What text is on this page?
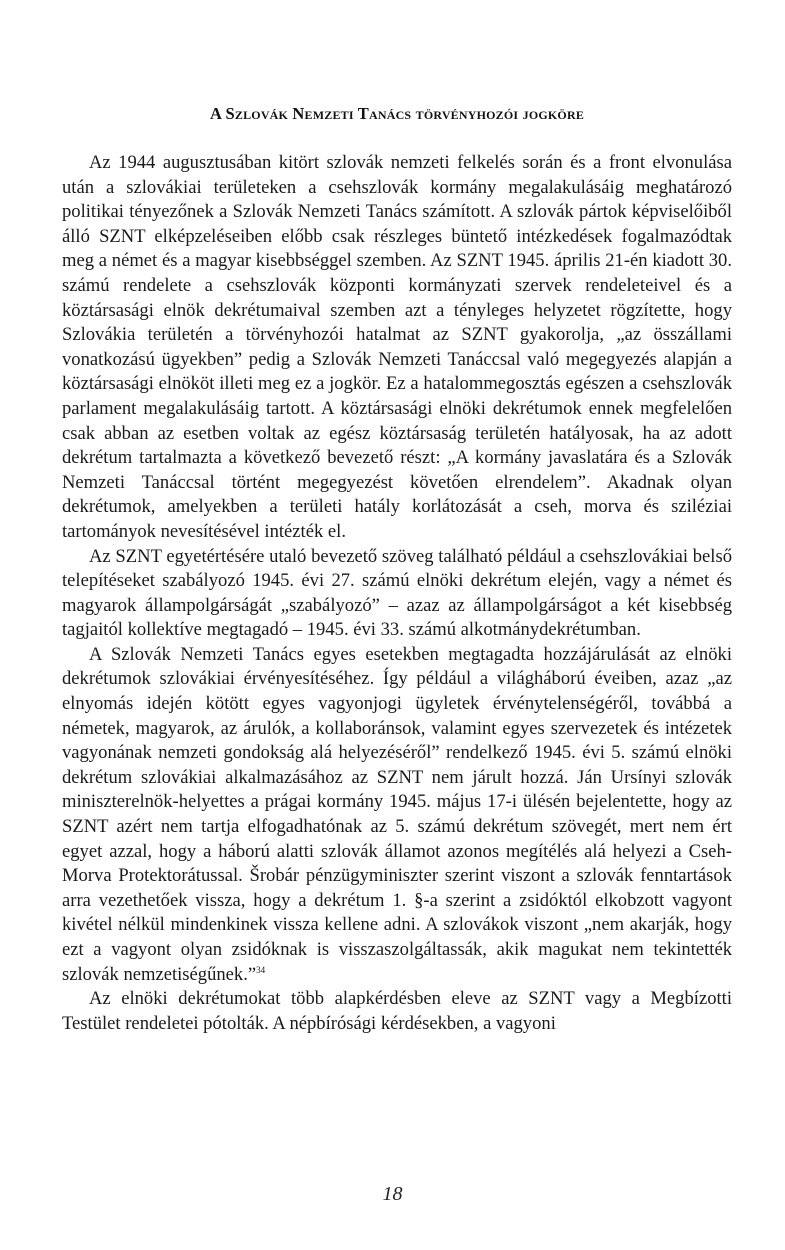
A Szlovák Nemzeti Tanács törvényhozói jogköre

Az 1944 augusztusában kitört szlovák nemzeti felkelés során és a front elvonulása után a szlovákiai területeken a csehszlovák kormány megalakulásáig meghatározó politikai tényezőnek a Szlovák Nemzeti Tanács számított. A szlovák pártok képviselőiből álló SZNT elképzeléseiben előbb csak részleges büntető intézkedések fogalmazódtak meg a német és a magyar kisebbséggel szemben. Az SZNT 1945. április 21-én kiadott 30. számú rendelete a csehszlovák központi kormányzati szervek rendeleteivel és a köztársasági elnök dekrétumaival szemben azt a tényleges helyzetet rögzítette, hogy Szlovákia területén a törvényhozói hatalmat az SZNT gyakorolja, „az összállami vonatkozású ügyekben” pedig a Szlovák Nemzeti Tanáccsal való megegyezés alapján a köztársasági elnököt illeti meg ez a jogkör. Ez a hatalommegosztás egészen a csehszlovák parlament megalakulásáig tartott. A köztársasági elnöki dekrétumok ennek megfelelően csak abban az esetben voltak az egész köztársaság területén hatályosak, ha az adott dekrétum tartalmazta a következő bevezető részt: „A kormány javaslatára és a Szlovák Nemzeti Tanáccsal történt megegyezést követően elrendelem”. Akadnak olyan dekrétumok, amelyekben a területi hatály korlátozását a cseh, morva és sziléziai tartományok nevesítésével intézték el.

Az SZNT egyetértésére utaló bevezető szöveg található például a csehszlovákiai belső telepítéseket szabályozó 1945. évi 27. számú elnöki dekrétum elején, vagy a német és magyarok állampolgárságát „szabályozó” – azaz az állampolgárságot a két kisebbség tagjaitól kollektíve megtagadó – 1945. évi 33. számú alkotmánydekrétumban.

A Szlovák Nemzeti Tanács egyes esetekben megtagadta hozzájárulását az elnöki dekrétumok szlovákiai érvényesítéséhez. Így például a világháború éveiben, azaz „az elnyomás idején kötött egyes vagyonjogi ügyletek érvénytelenségéről, továbbá a németek, magyarok, az árulók, a kollaboránsok, valamint egyes szervezetek és intézetek vagyonának nemzeti gondokság alá helyezéséről” rendelkező 1945. évi 5. számú elnöki dekrétum szlovákiai alkalmazásához az SZNT nem járult hozzá. Ján Ursínyi szlovák miniszterelnök-helyettes a prágai kormány 1945. május 17-i ülésén bejelentette, hogy az SZNT azért nem tartja elfogadhatónak az 5. számú dekrétum szövegét, mert nem ért egyet azzal, hogy a háború alatti szlovák államot azonos megítélés alá helyezi a Cseh-Morva Protektorátussal. Šrobár pénzügyminiszter szerint viszont a szlovák fenntartások arra vezethetőek vissza, hogy a dekrétum 1. §-a szerint a zsidóktól elkobzott vagyont kivétel nélkül mindenkinek vissza kellene adni. A szlovákok viszont „nem akarják, hogy ezt a vagyont olyan zsidóknak is visszaszolgáltassák, akik magukat nem tekintették szlovák nemzetiségűnek.”$^{34}$

Az elnöki dekrétumokat több alapkérdésben eleve az SZNT vagy a Megbízotti Testület rendeletei pótolták. A népbírósági kérdésekben, a vagyoni

18
